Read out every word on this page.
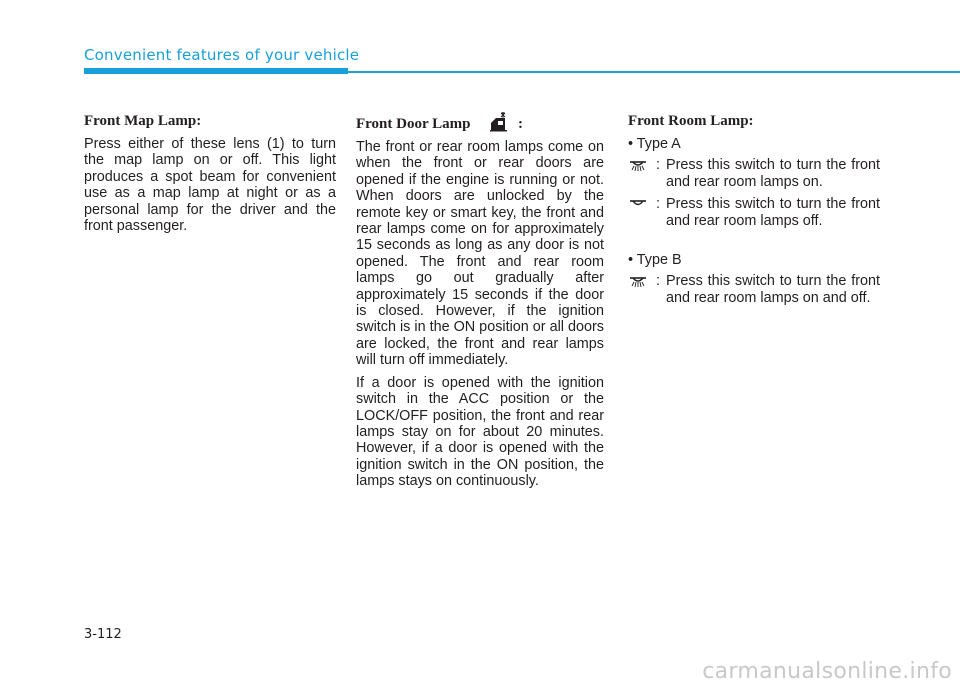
Convenient features of your vehicle
Front Map Lamp:

Press either of these lens (1) to turn the map lamp on or off. This light produces a spot beam for convenient use as a map lamp at night or as a personal lamp for the driver and the front passenger.

Front Door Lamp	:

The front or rear room lamps come on when the front or rear doors are opened if the engine is running or not. When doors are unlocked by the remote key or smart key, the front and rear lamps come on for approximately 15 seconds as long as any door is not opened. The front and rear room lamps go out gradually after approximately 15 seconds if the door is closed. However, if the ignition switch is in the ON position or all doors are locked, the front and rear lamps will turn off immediately.

If a door is opened with the ignition switch in the ACC position or the LOCK/OFF position, the front and rear lamps stay on for about 20 minutes. However, if a door is opened with the ignition switch in the ON position, the lamps stays on continuously.

Front Room Lamp:
• Type A
: Press this switch to turn the front and rear room lamps on.
: Press this switch to turn the front and rear room lamps off.
• Type B
: Press this switch to turn the front and rear room lamps on and off.
3-112
carmanualsonline.info
